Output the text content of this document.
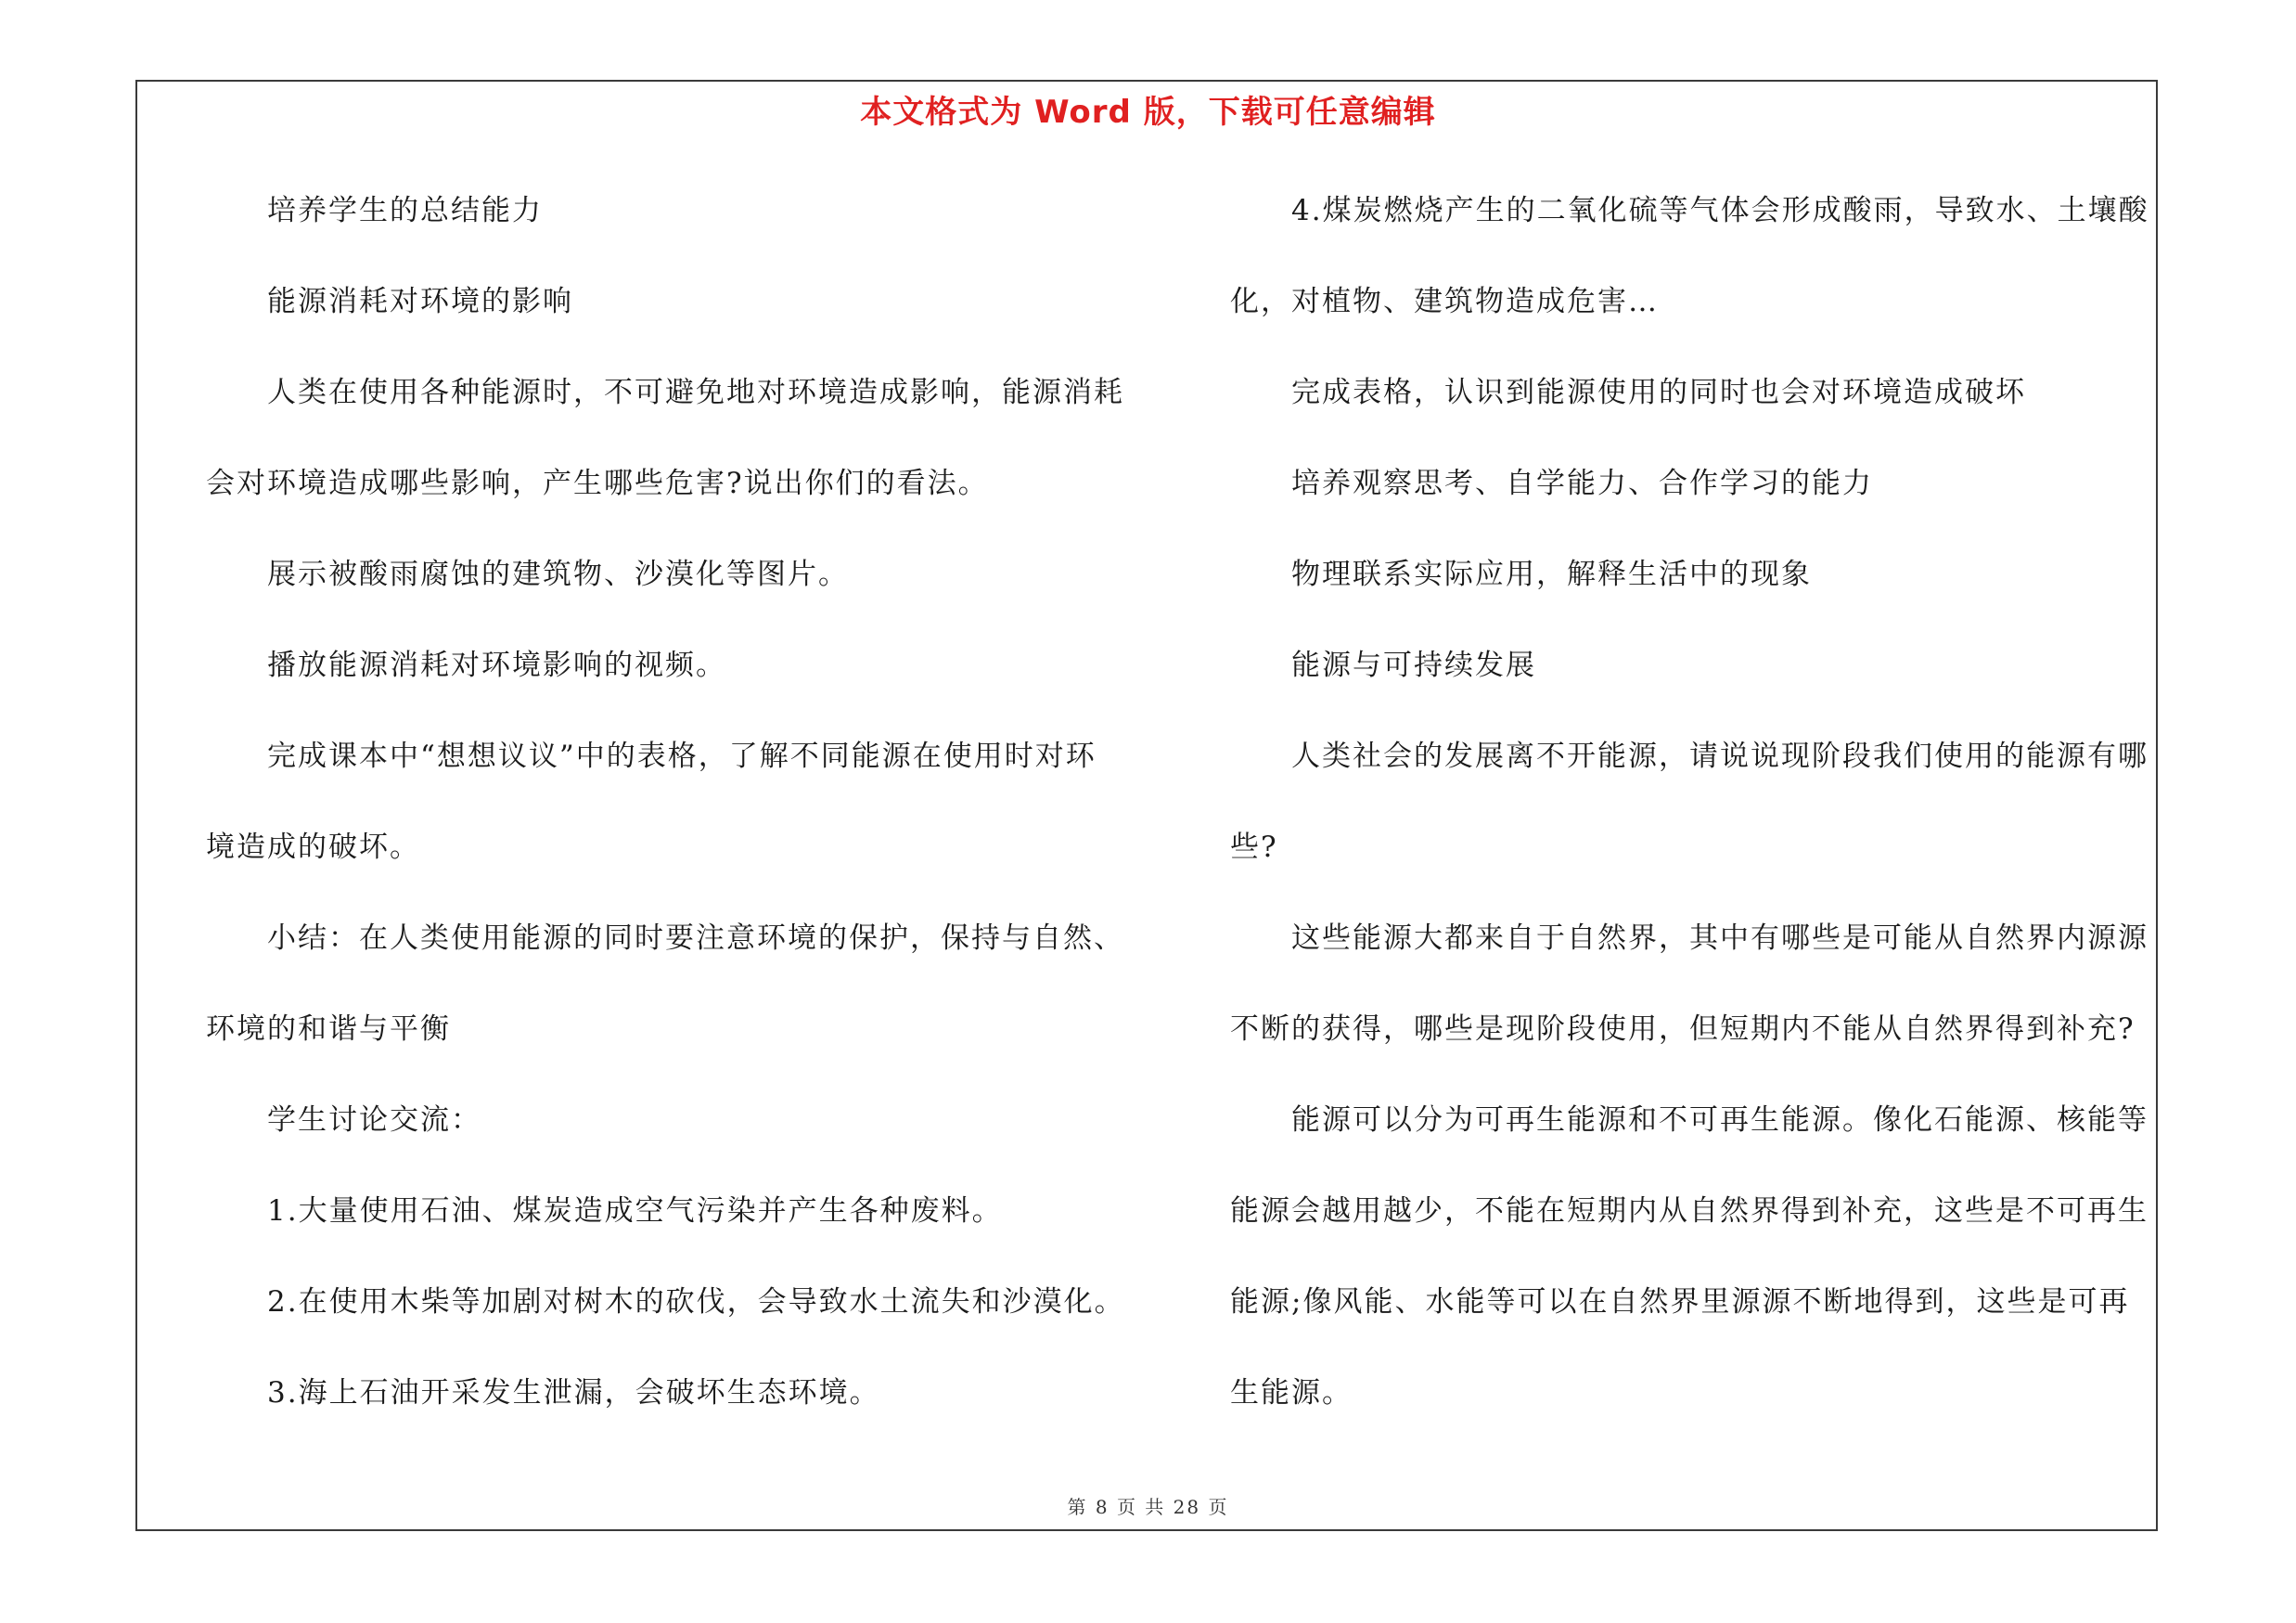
本文格式为 Word 版，下载可任意编辑
培养学生的总结能力
能源消耗对环境的影响
人类在使用各种能源时，不可避免地对环境造成影响，能源消耗
会对环境造成哪些影响，产生哪些危害?说出你们的看法。
展示被酸雨腐蚀的建筑物、沙漠化等图片。
播放能源消耗对环境影响的视频。
完成课本中“想想议议”中的表格，了解不同能源在使用时对环
境造成的破坏。
小结：在人类使用能源的同时要注意环境的保护，保持与自然、
环境的和谐与平衡
学生讨论交流：
1.大量使用石油、煤炭造成空气污染并产生各种废料。
2.在使用木柴等加剧对树木的砍伐，会导致水土流失和沙漠化。
3.海上石油开采发生泄漏，会破坏生态环境。
4.煤炭燃烧产生的二氧化硫等气体会形成酸雨，导致水、土壤酸
化，对植物、建筑物造成危害…
完成表格，认识到能源使用的同时也会对环境造成破坏
培养观察思考、自学能力、合作学习的能力
物理联系实际应用，解释生活中的现象
能源与可持续发展
人类社会的发展离不开能源，请说说现阶段我们使用的能源有哪
些?
这些能源大都来自于自然界，其中有哪些是可能从自然界内源源
不断的获得，哪些是现阶段使用，但短期内不能从自然界得到补充?
能源可以分为可再生能源和不可再生能源。像化石能源、核能等
能源会越用越少，不能在短期内从自然界得到补充，这些是不可再生
能源;像风能、水能等可以在自然界里源源不断地得到，这些是可再
生能源。
第 8 页 共 28 页
